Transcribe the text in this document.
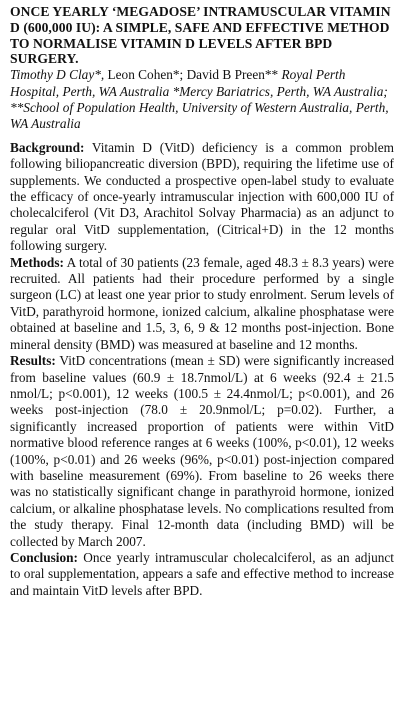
ONCE YEARLY ‘MEGADOSE’ INTRAMUSCULAR VITAMIN D (600,000 IU): A SIMPLE, SAFE AND EFFECTIVE METHOD TO NORMALISE VITAMIN D LEVELS AFTER BPD SURGERY.

Timothy D Clay*, Leon Cohen*; David B Preen** Royal Perth Hospital, Perth, WA Australia *Mercy Bariatrics, Perth, WA Australia; **School of Population Health, University of Western Australia, Perth, WA Australia

Background: Vitamin D (VitD) deficiency is a common problem following biliopancreatic diversion (BPD), requiring the lifetime use of supplements. We conducted a prospective open-label study to evaluate the efficacy of once-yearly intramuscular injection with 600,000 IU of cholecalciferol (Vit D3, Arachitol Solvay Pharmacia) as an adjunct to regular oral VitD supplementation, (Citrical+D) in the 12 months following surgery.

Methods: A total of 30 patients (23 female, aged 48.3 ± 8.3 years) were recruited. All patients had their procedure performed by a single surgeon (LC) at least one year prior to study enrolment. Serum levels of VitD, parathyroid hormone, ionized calcium, alkaline phosphatase were obtained at baseline and 1.5, 3, 6, 9 & 12 months post-injection. Bone mineral density (BMD) was measured at baseline and 12 months.

Results: VitD concentrations (mean ± SD) were significantly increased from baseline values (60.9 ± 18.7nmol/L) at 6 weeks (92.4 ± 21.5 nmol/L; p<0.001), 12 weeks (100.5 ± 24.4nmol/L; p<0.001), and 26 weeks post-injection (78.0 ± 20.9nmol/L; p=0.02). Further, a significantly increased proportion of patients were within VitD normative blood reference ranges at 6 weeks (100%, p<0.01), 12 weeks (100%, p<0.01) and 26 weeks (96%, p<0.01) post-injection compared with baseline measurement (69%). From baseline to 26 weeks there was no statistically significant change in parathyroid hormone, ionized calcium, or alkaline phosphatase levels. No complications resulted from the study therapy. Final 12-month data (including BMD) will be collected by March 2007.

Conclusion: Once yearly intramuscular cholecalciferol, as an adjunct to oral supplementation, appears a safe and effective method to increase and maintain VitD levels after BPD.
